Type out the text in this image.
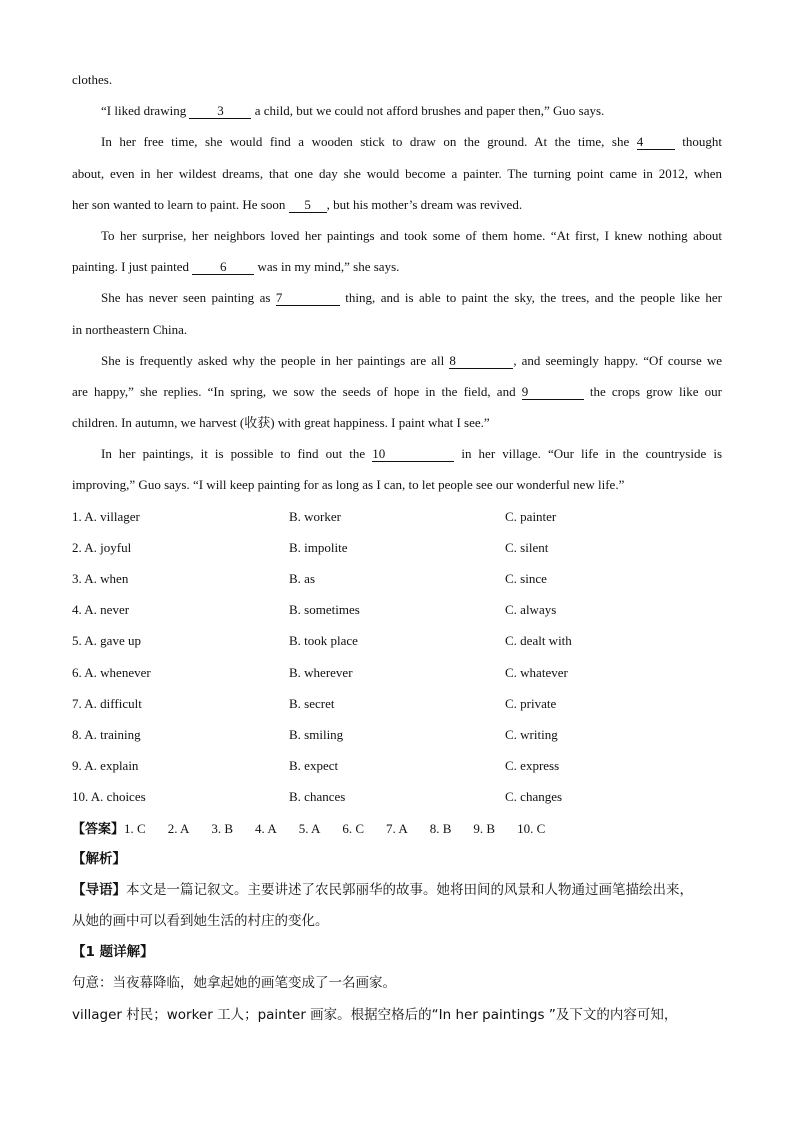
clothes.
“I liked drawing 3 a child, but we could not afford brushes and paper then,” Guo says.
In her free time, she would find a wooden stick to draw on the ground. At the time, she 4 thought
about, even in her wildest dreams, that one day she would become a painter. The turning point came in 2012, when
her son wanted to learn to paint. He soon 5 , but his mother’s dream was revived.
To her surprise, her neighbors loved her paintings and took some of them home. “At first, I knew nothing about
painting. I just painted 6 was in my mind,” she says.
She has never seen painting as 7	thing, and is able to paint the sky, the trees, and the people like her
in northeastern China.
She is frequently asked why the people in her paintings are all 8	, and seemingly happy. “Of course we
are happy,” she replies. “In spring, we sow the seeds of hope in the field, and 9	the crops grow like our
children. In autumn, we harvest (收获) with great happiness. I paint what I see.”
In her paintings, it is possible to find out the 10	in her village. “Our life in the countryside is
improving,” Guo says. “I will keep painting for as long as I can, to let people see our wonderful new life.”
1. A. villager	B. worker	C. painter
2. A. joyful	B. impolite	C. silent
3. A. when	B. as	C. since
4. A. never	B. sometimes	C. always
5. A. gave up	B. took place	C. dealt with
6. A. whenever	B. wherever	C. whatever
7. A. difficult	B. secret	C. private
8. A. training	B. smiling	C. writing
9. A. explain	B. expect	C. express
10. A. choices	B. chances	C. changes
【答案】1. C 2. A 3. B 4. A 5. A 6. C 7. A 8. B 9. B 10. C
【解析】
【导语】本文是一篇记叙文。主要讲述了农民郭丽华的故事。她将田间的风景和人物通过画笔描绘出来，
从她的画中可以看到她生活的村庄的变化。
【1 题详解】
句意：当夜幕降临，她拿起她的画笔变成了一名画家。
villager 村民；worker 工人；painter 画家。根据空格后的“In her paintings ”及下文的内容可知，
